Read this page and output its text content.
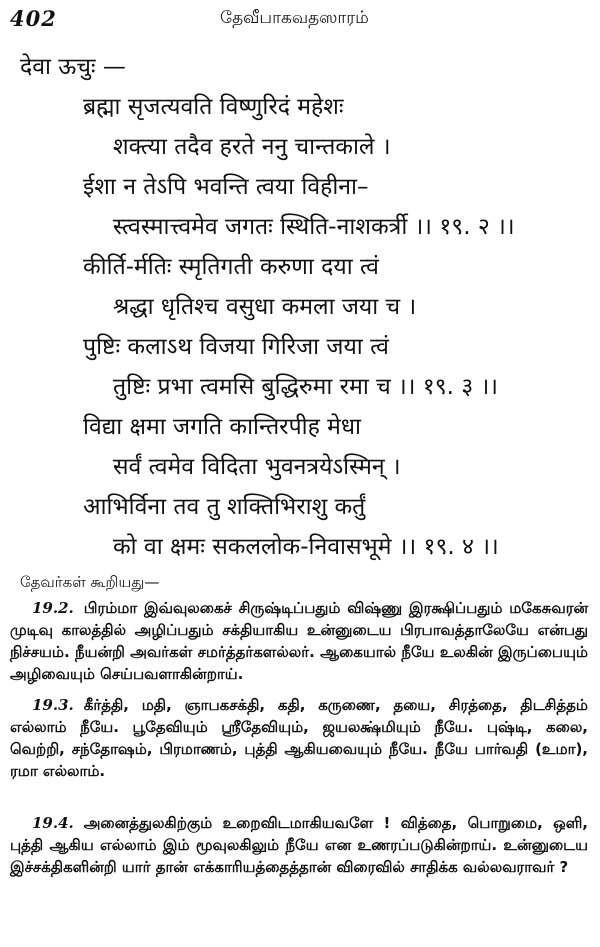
402	தேவீபாகவதஸாரம்
देवा ऊचुः —
ब्रह्मा सृजत्यवति विष्णुरिदं महेशः
शक्त्या तदैव हरते ननु चान्तकाले ।
ईशा न तेऽपि भवन्ति त्वया विहीना–
स्त्वस्मात्त्वमेव जगतः स्थिति-नाशकर्त्री ।। १९. २ ।।
कीर्ति-र्मतिः स्मृतिगती करुणा दया त्वं
श्रद्धा धृतिश्च वसुधा कमला जया च ।
पुष्टिः कलाऽथ विजया गिरिजा जया त्वं
तुष्टिः प्रभा त्वमसि बुद्धिरुमा रमा च ।। १९. ३ ।।
विद्या क्षमा जगति कान्तिरपीह मेधा
सर्वं त्वमेव विदिता भुवनत्रयेऽस्मिन् ।
आभिर्विना तव तु शक्तिभिराशु कर्तुं
को वा क्षमः सकललोक-निवासभूमे ।। १९. ४ ।।
தேவர்கள் கூறியது—
19.2. பிரம்மா இவ்வுலகைச் சிருஷ்டிப்பதும் விஷ்ணு இரக்ஷிப்பதும் மகேசுவரன் முடிவு காலத்தில் அழிப்பதும் சக்தியாகிய உன்னுடைய பிரபாவத்தாலேயே என்பது நிச்சயம். நீயன்றி அவர்கள் சமர்த்தர்களல்லர். ஆகையால் நீயே உலகின் இருப்பையும் அழிவையும் செய்பவளாகின்றாய்.
19.3. கீர்த்தி, மதி, ஞாபகசக்தி, கதி, கருணை, தயை, சிரத்தை, திடசித்தம் எல்லாம் நீயே. பூதேவியும் ஸ்ரீதேவியும், ஜயலக்ஷ்மியும் நீயே. புஷ்டி, கலை, வெற்றி, சந்தோஷம், பிரமாணம், புத்தி ஆகியவையும் நீயே. நீயே பார்வதி (உமா), ரமா எல்லாம்.
19.4. அனைத்துலகிற்கும் உறைவிடமாகியவளே ! வித்தை, பொறுமை, ஒளி, புத்தி ஆகிய எல்லாம் இம் மூவுலகிலும் நீயே என உணரப்படுகின்றாய். உன்னுடைய இச்சக்திகளின்றி யார் தான் எக்காரியத்தைத்தான் விரைவில் சாதிக்க வல்லவராவர் ?
